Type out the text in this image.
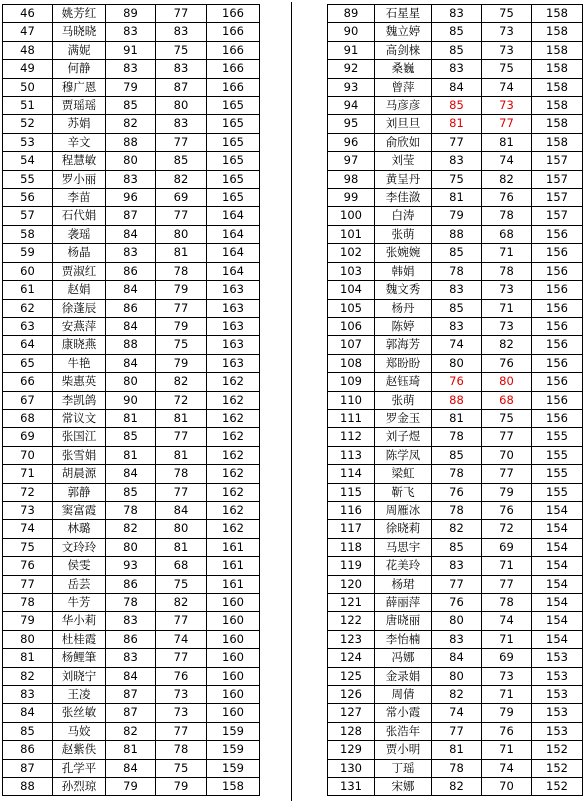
46	姚芳红	89	77	166
47	马晓晓	83	83	166
48	满妮	91	75	166
49	何静	83	83	166
50	穆广恩	79	87	166
51	贾瑶瑶	85	80	165
52	苏娟	82	83	165
53	辛文	88	77	165
54	程慧敏	80	85	165
55	罗小丽	83	82	165
56	李苗	96	69	165
57	石代娟	87	77	164
58	袭瑶	84	80	164
59	杨晶	83	81	164
60	贾淑红	86	78	164
61	赵娟	84	79	163
62	徐蓬辰	86	77	163
63	安燕萍	84	79	163
64	康晓燕	88	75	163
65	牛艳	84	79	163
66	柴惠英	80	82	162
67	李凯鸽	90	72	162
68	常议文	81	81	162
69	张国江	85	77	162
70	张雪娟	81	81	162
71	胡晨源	84	78	162
72	郭静	85	77	162
73	窦富霞	78	84	162
74	林璐	82	80	162
75	文玲玲	80	81	161
76	侯雯	93	68	161
77	岳芸	86	75	161
78	牛芳	78	82	160
79	华小莉	83	77	160
80	杜桂霞	86	74	160
81	杨鲤筆	83	77	160
82	刘晓宁	84	76	160
83	王凌	87	73	160
84	张丝敏	87	73	160
85	马姣	82	77	159
86	赵紫佚	81	78	159
87	孔学平	84	75	159
88	孙烈琼	79	79	158
89	石星星	83	75	158
90	魏立婷	85	73	158
91	高剑梾	85	73	158
92	桑巍	83	75	158
93	曾萍	84	74	158
94	马彦彦	85	73	158
95	刘旦旦	81	77	158
96	俞欣如	77	81	158
97	刘莹	83	74	157
98	黄呈丹	75	82	157
99	李佳潋	81	76	157
100	白涛	79	78	157
101	张萌	88	68	156
102	张婉婉	85	71	156
103	韩娟	78	78	156
104	魏文秀	83	73	156
105	杨丹	85	71	156
106	陈婷	83	73	156
107	郭海芳	74	82	156
108	郑盼盼	80	76	156
109	赵钰琦	76	80	156
110	张萌	88	68	156
111	罗金玉	81	75	156
112	刘子煜	78	77	155
113	陈学凤	85	70	155
114	梁虹	78	77	155
115	靳飞	76	79	155
116	周雁冰	78	76	154
117	徐晓莉	82	72	154
118	马思宇	85	69	154
119	花美玲	83	71	154
120	杨珺	77	77	154
121	薛丽萍	76	78	154
122	唐晓丽	80	74	154
123	李怡楠	83	71	154
124	冯娜	84	69	153
125	金录娟	80	73	153
126	周倩	82	71	153
127	常小霞	74	79	153
128	张浩年	77	76	153
129	贾小明	81	71	152
130	丁瑶	78	74	152
131	宋娜	82	70	152
